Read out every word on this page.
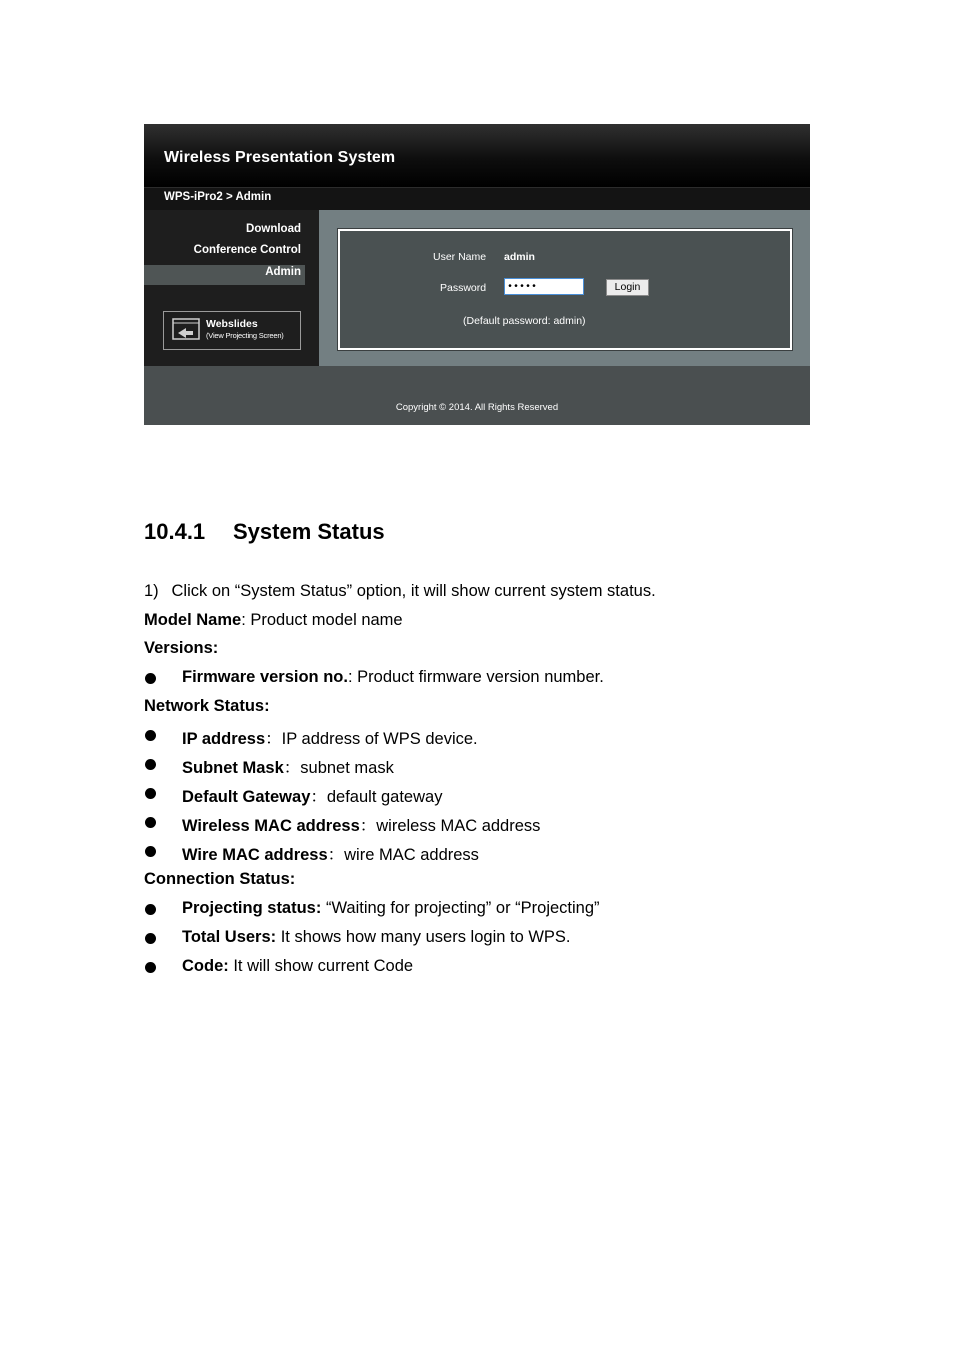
Wireless Presentation System
WPS-iPro2 > Admin
Download
Conference Control
Admin
Webslides
(View Projecting Screen)
User Name admin
Password	•••••	Login
(Default password: admin)
Copyright © 2014. All Rights Reserved
10.4.1 System Status
1)  Click on “System Status” option, it will show current system status.
Model Name: Product model name
Versions:
Firmware version no.: Product firmware version number.
Network Status:
IP address：IP address of WPS device.
Subnet Mask：subnet mask
Default Gateway：default gateway
Wireless MAC address：wireless MAC address
Wire MAC address：wire MAC address
Connection Status:
Projecting status: “Waiting for projecting” or “Projecting”
Total Users: It shows how many users login to WPS.
Code: It will show current Code
